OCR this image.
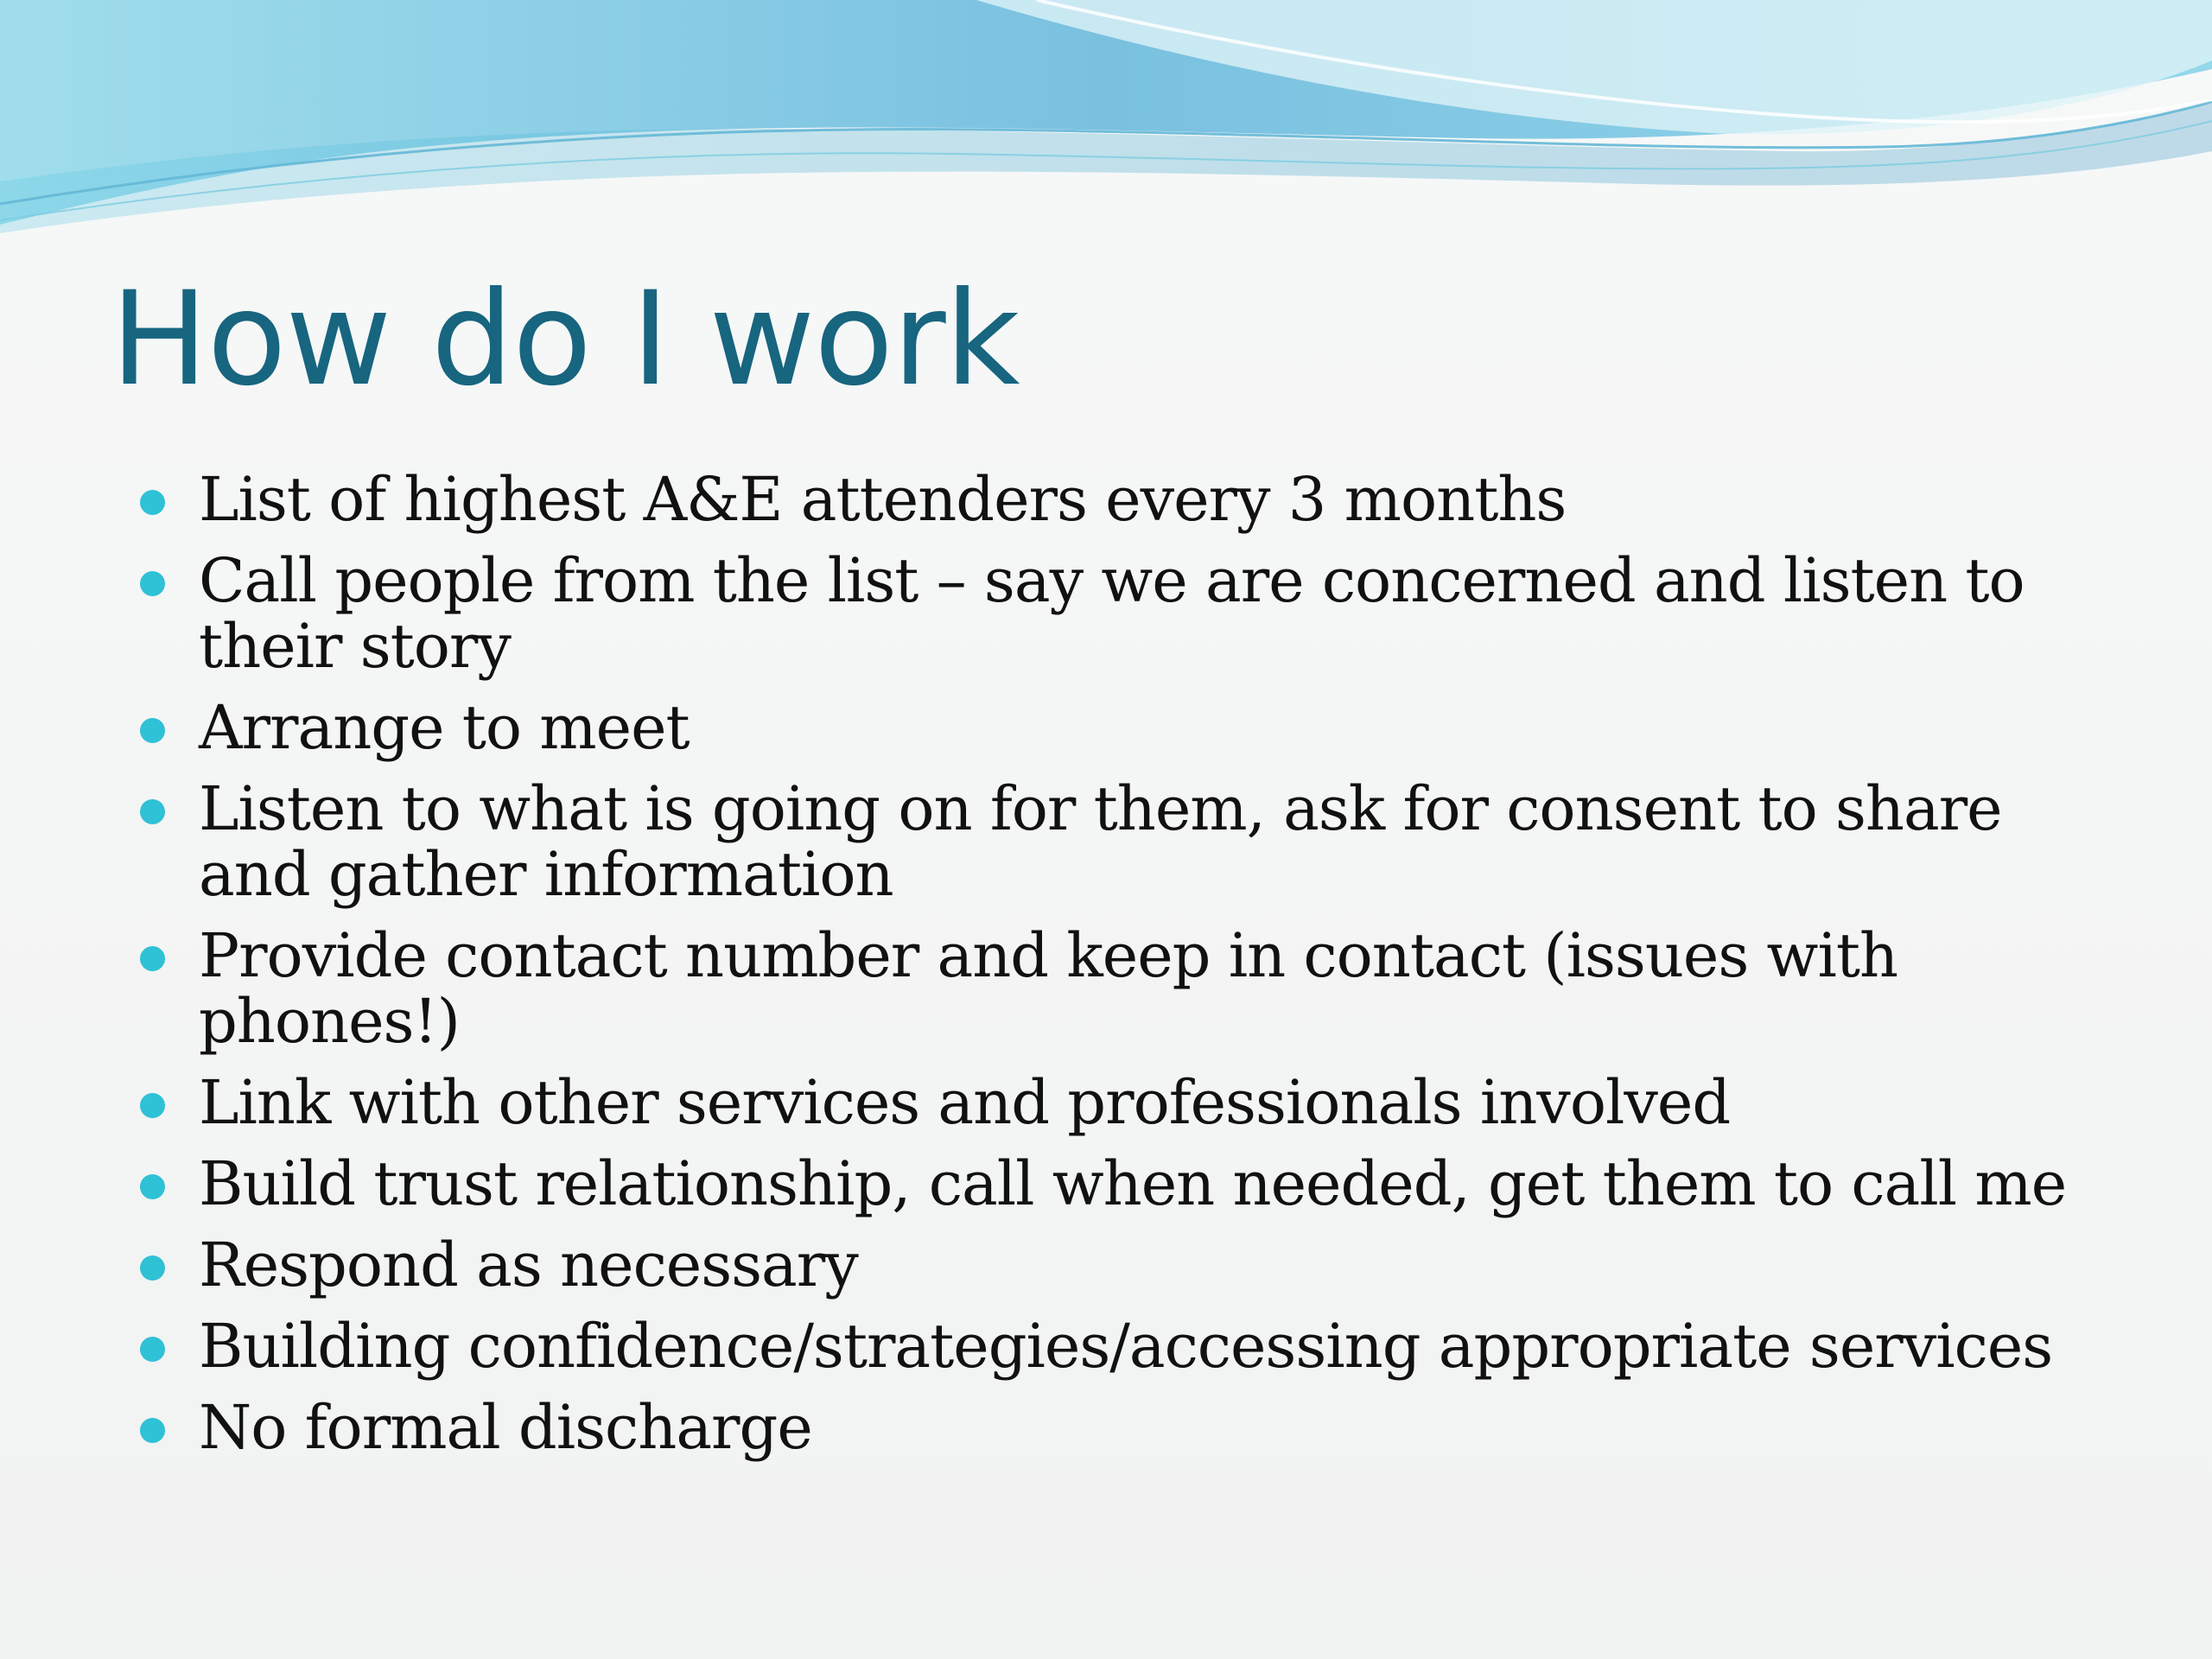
How do I work
List of highest A&E attenders every 3 months
Call people from the list – say we are concerned and listen to their story
Arrange to meet
Listen to what is going on for them, ask for consent to share and gather information
Provide contact number and keep in contact (issues with phones!)
Link with other services and professionals involved
Build trust relationship, call when needed, get them to call me
Respond as necessary
Building confidence/strategies/accessing appropriate services
No formal discharge
